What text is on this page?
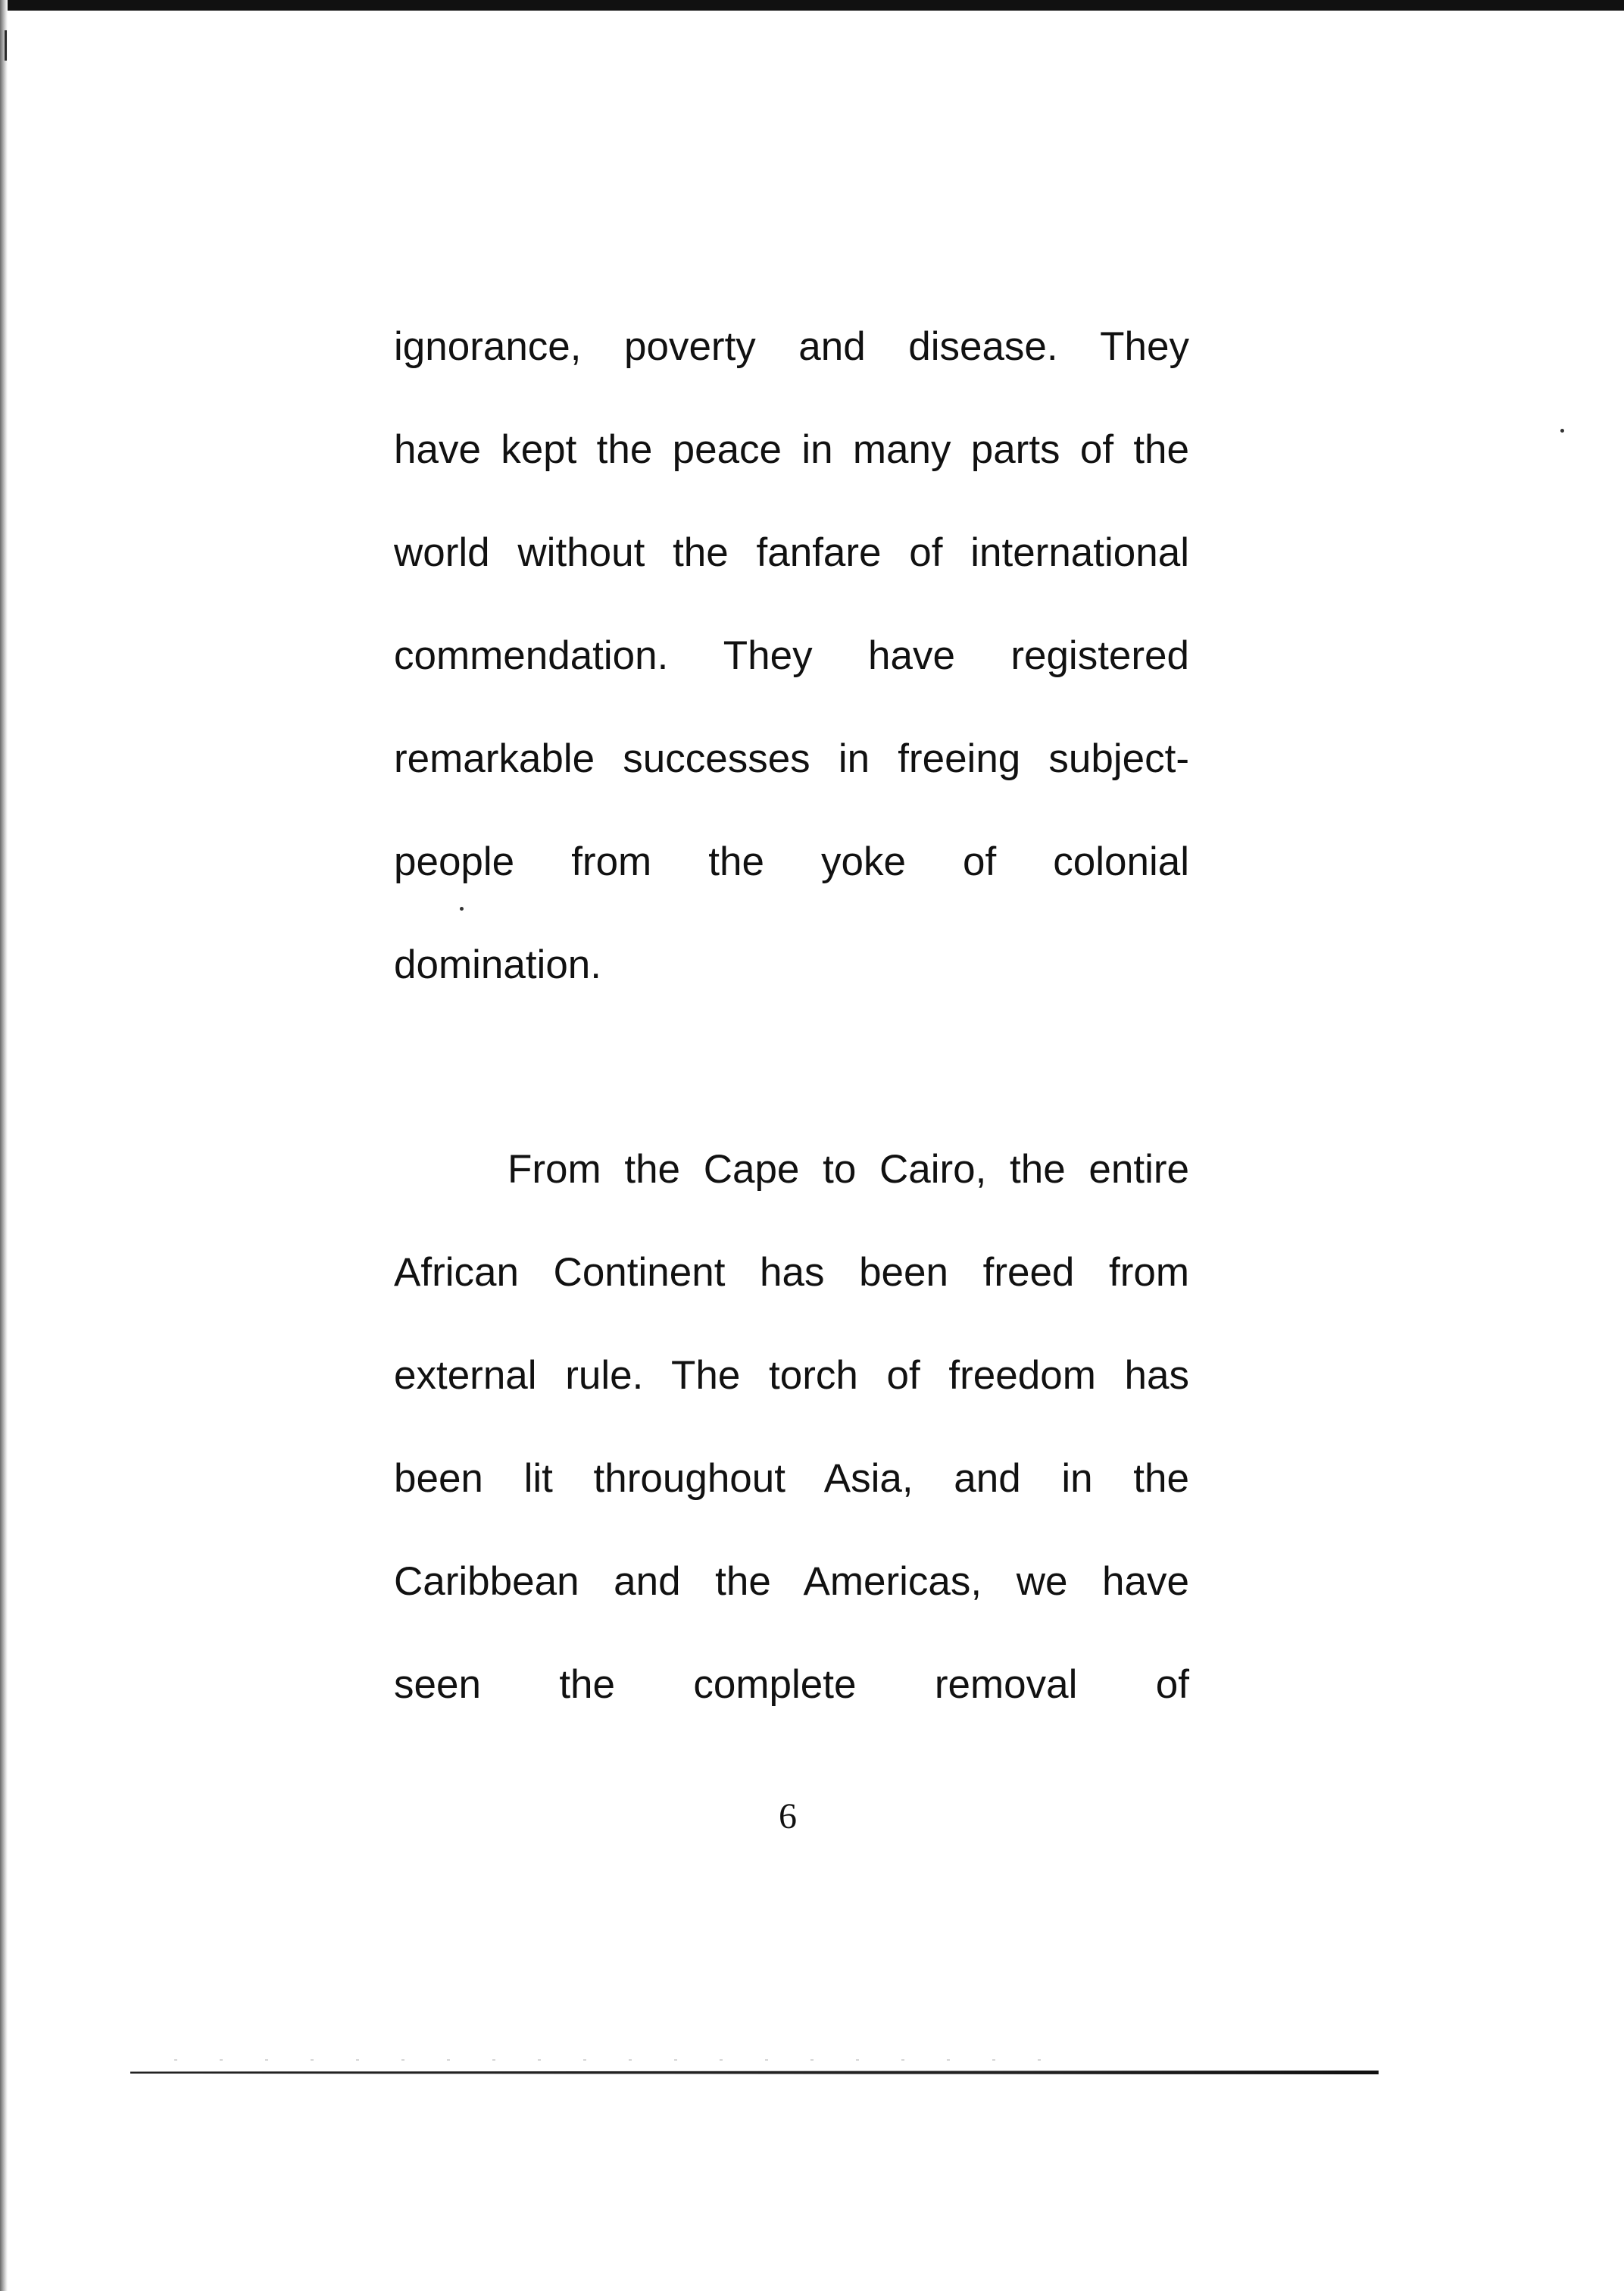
ignorance, poverty and disease. They
have kept the peace in many parts of the
world without the fanfare of international
commendation. They have registered
remarkable successes in freeing subject-
people from the yoke of colonial
domination.
From the Cape to Cairo, the entire
African Continent has been freed from
external rule. The torch of freedom has
been lit throughout Asia, and in the
Caribbean and the Americas, we have
seen the complete removal of
6
